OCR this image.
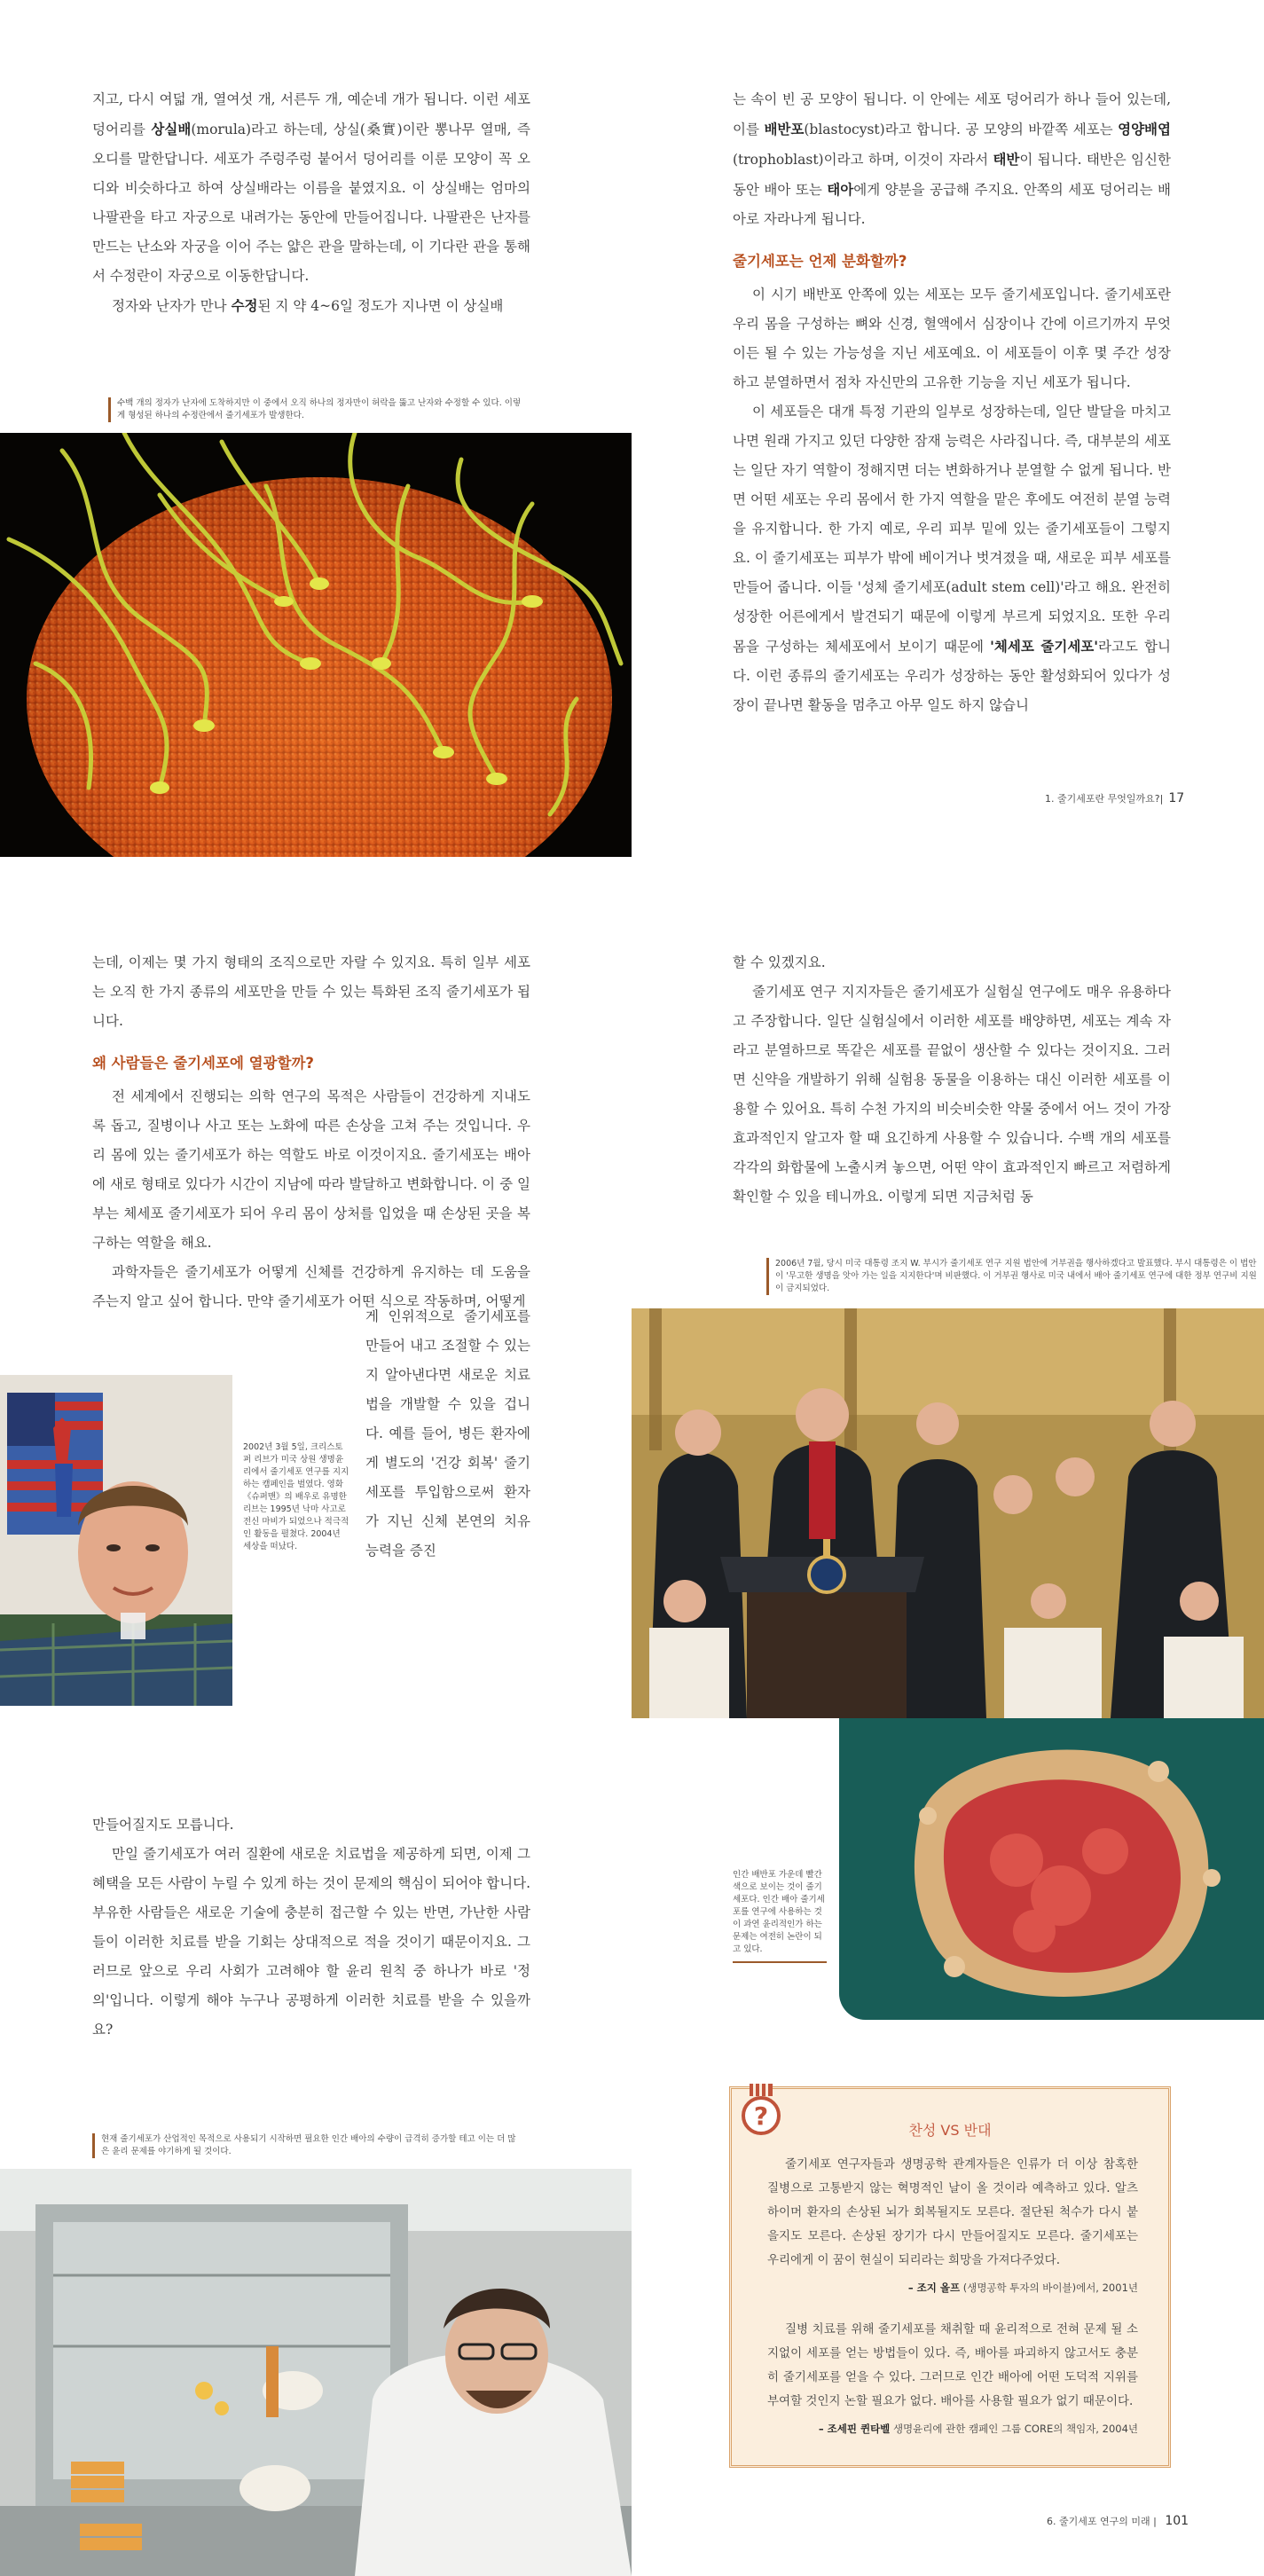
지고, 다시 여덟 개, 열여섯 개, 서른두 개, 예순네 개가 됩니다. 이런 세포 덩어리를 상실배(morula)라고 하는데, 상실(桑實)이란 뽕나무 열매, 즉 오디를 말한답니다. 세포가 주렁주렁 붙어서 덩어리를 이룬 모양이 꼭 오디와 비슷하다고 하여 상실배라는 이름을 붙였지요. 이 상실배는 엄마의 나팔관을 타고 자궁으로 내려가는 동안에 만들어집니다. 나팔관은 난자를 만드는 난소와 자궁을 이어 주는 얇은 관을 말하는데, 이 기다란 관을 통해서 수정란이 자궁으로 이동한답니다.

정자와 난자가 만나 수정된 지 약 4~6일 정도가 지나면 이 상실배

수백 개의 정자가 난자에 도착하지만 이 중에서 오직 하나의 정자만이 허락을 뚫고 난자와 수정할 수 있다. 이렇게 형성된 하나의 수정란에서 줄기세포가 발생한다.

는 속이 빈 공 모양이 됩니다. 이 안에는 세포 덩어리가 하나 들어 있는데, 이를 배반포(blastocyst)라고 합니다. 공 모양의 바깥쪽 세포는 영양배엽(trophoblast)이라고 하며, 이것이 자라서 태반이 됩니다. 태반은 임신한 동안 배아 또는 태아에게 양분을 공급해 주지요. 안쪽의 세포 덩어리는 배아로 자라나게 됩니다.

줄기세포는 언제 분화할까?

이 시기 배반포 안쪽에 있는 세포는 모두 줄기세포입니다. 줄기세포란 우리 몸을 구성하는 뼈와 신경, 혈액에서 심장이나 간에 이르기까지 무엇이든 될 수 있는 가능성을 지닌 세포예요. 이 세포들이 이후 몇 주간 성장하고 분열하면서 점차 자신만의 고유한 기능을 지닌 세포가 됩니다.

이 세포들은 대개 특정 기관의 일부로 성장하는데, 일단 발달을 마치고 나면 원래 가지고 있던 다양한 잠재 능력은 사라집니다. 즉, 대부분의 세포는 일단 자기 역할이 정해지면 더는 변화하거나 분열할 수 없게 됩니다. 반면 어떤 세포는 우리 몸에서 한 가지 역할을 맡은 후에도 여전히 분열 능력을 유지합니다. 한 가지 예로, 우리 피부 밑에 있는 줄기세포들이 그렇지요. 이 줄기세포는 피부가 밖에 베이거나 벗겨졌을 때, 새로운 피부 세포를 만들어 줍니다. 이들 '성체 줄기세포(adult stem cell)'라고 해요. 완전히 성장한 어른에게서 발견되기 때문에 이렇게 부르게 되었지요. 또한 우리 몸을 구성하는 체세포에서 보이기 때문에 '체세포 줄기세포'라고도 합니다. 이런 종류의 줄기세포는 우리가 성장하는 동안 활성화되어 있다가 성장이 끝나면 활동을 멈추고 아무 일도 하지 않습니

1. 줄기세포란 무엇일까요?| 17

는데, 이제는 몇 가지 형태의 조직으로만 자랄 수 있지요. 특히 일부 세포는 오직 한 가지 종류의 세포만을 만들 수 있는 특화된 조직 줄기세포가 됩니다.

왜 사람들은 줄기세포에 열광할까?

전 세계에서 진행되는 의학 연구의 목적은 사람들이 건강하게 지내도록 돕고, 질병이나 사고 또는 노화에 따른 손상을 고쳐 주는 것입니다. 우리 몸에 있는 줄기세포가 하는 역할도 바로 이것이지요. 줄기세포는 배아에 새로 형태로 있다가 시간이 지남에 따라 발달하고 변화합니다. 이 중 일부는 체세포 줄기세포가 되어 우리 몸이 상처를 입었을 때 손상된 곳을 복구하는 역할을 해요.

과학자들은 줄기세포가 어떻게 신체를 건강하게 유지하는 데 도움을 주는지 알고 싶어 합니다. 만약 줄기세포가 어떤 식으로 작동하며, 어떻게

2002년 3월 5일, 크리스토퍼 리브가 미국 상원 생명윤리에서 줄기세포 연구를 지지하는 캠페인을 벌였다. 영화 《슈퍼맨》의 배우로 유명한 리브는 1995년 낙마 사고로 전신 마비가 되었으나 적극적인 활동을 펼쳤다. 2004년 세상을 떠났다.

게 인위적으로 줄기세포를 만들어 내고 조절할 수 있는지 알아낸다면 새로운 치료법을 개발할 수 있을 겁니다. 예를 들어, 병든 환자에게 별도의 '건강 회복' 줄기세포를 투입함으로써 환자가 지닌 신체 본연의 치유 능력을 증진

만들어질지도 모릅니다.

만일 줄기세포가 여러 질환에 새로운 치료법을 제공하게 되면, 이제 그 혜택을 모든 사람이 누릴 수 있게 하는 것이 문제의 핵심이 되어야 합니다. 부유한 사람들은 새로운 기술에 충분히 접근할 수 있는 반면, 가난한 사람들이 이러한 치료를 받을 기회는 상대적으로 적을 것이기 때문이지요. 그러므로 앞으로 우리 사회가 고려해야 할 윤리 원칙 중 하나가 바로 '정의'입니다. 이렇게 해야 누구나 공평하게 이러한 치료를 받을 수 있을까요?

현재 줄기세포가 산업적인 목적으로 사용되기 시작하면 필요한 인간 배아의 수량이 급격히 증가할 테고 이는 더 많은 윤리 문제를 야기하게 될 것이다.

할 수 있겠지요.

줄기세포 연구 지지자들은 줄기세포가 실험실 연구에도 매우 유용하다고 주장합니다. 일단 실험실에서 이러한 세포를 배양하면, 세포는 계속 자라고 분열하므로 똑같은 세포를 끝없이 생산할 수 있다는 것이지요. 그러면 신약을 개발하기 위해 실험용 동물을 이용하는 대신 이러한 세포를 이용할 수 있어요. 특히 수천 가지의 비슷비슷한 약물 중에서 어느 것이 가장 효과적인지 알고자 할 때 요긴하게 사용할 수 있습니다. 수백 개의 세포를 각각의 화합물에 노출시켜 놓으면, 어떤 약이 효과적인지 빠르고 저렴하게 확인할 수 있을 테니까요. 이렇게 되면 지금처럼 동

2006년 7월, 당시 미국 대통령 조지 W. 부시가 줄기세포 연구 지원 법안에 거부권을 행사하겠다고 발표했다. 부시 대통령은 이 법안이 '무고한 생명을 앗아 가는 일을 지지한다'며 비판했다. 이 거부권 행사로 미국 내에서 배아 줄기세포 연구에 대한 정부 연구비 지원이 금지되었다.
인간 배반포 가운데 빨간색으로 보이는 것이 줄기세포다. 인간 배아 줄기세포를 연구에 사용하는 것이 과연 윤리적인가 하는 문제는 여전히 논란이 되고 있다.
?	찬성 VS 반대

줄기세포 연구자들과 생명공학 관계자들은 인류가 더 이상 참혹한 질병으로 고통받지 않는 혁명적인 날이 올 것이라 예측하고 있다. 알츠하이머 환자의 손상된 뇌가 회복될지도 모른다. 절단된 척수가 다시 붙을지도 모른다. 손상된 장기가 다시 만들어질지도 모른다. 줄기세포는 우리에게 이 꿈이 현실이 되리라는 희망을 가져다주었다.

– 조지 올프 (생명공학 투자의 바이블)에서, 2001년

질병 치료를 위해 줄기세포를 채취할 때 윤리적으로 전혀 문제 될 소지없이 세포를 얻는 방법들이 있다. 즉, 배아를 파괴하지 않고서도 충분히 줄기세포를 얻을 수 있다. 그러므로 인간 배아에 어떤 도덕적 지위를 부여할 것인지 논할 필요가 없다. 배아를 사용할 필요가 없기 때문이다.

– 조세핀 퀸타벨 생명윤리에 관한 캠페인 그룹 CORE의 책임자, 2004년

6. 줄기세포 연구의 미래 | 101
